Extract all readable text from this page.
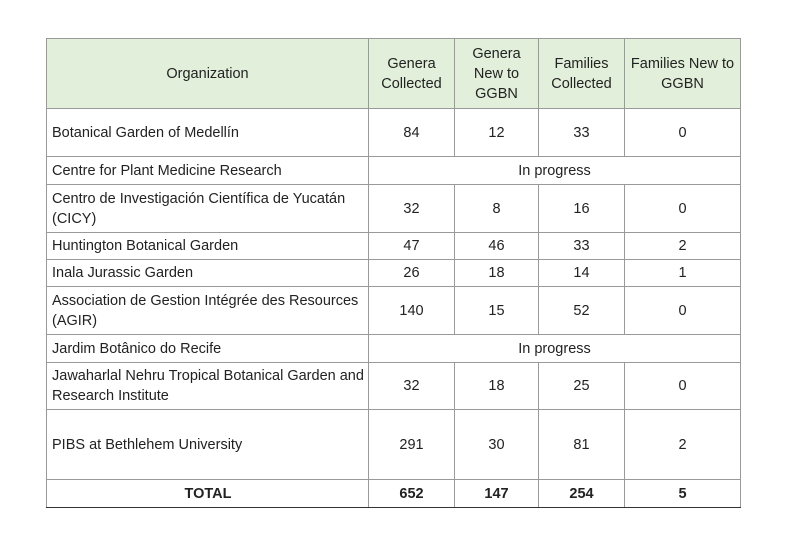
Organization	Genera Collected	Genera New to GGBN	Families Collected	Families New to GGBN
Botanical Garden of Medellín	84	12	33	0
Centre for Plant Medicine Research	In progress			
Centro de Investigación Científica de Yucatán (CICY)	32	8	16	0
Huntington Botanical Garden	47	46	33	2
Inala Jurassic Garden	26	18	14	1
Association de Gestion Intégrée des Resources (AGIR)	140	15	52	0
Jardim Botânico do Recife	In progress			
Jawaharlal Nehru Tropical Botanical Garden and Research Institute	32	18	25	0
PIBS at Bethlehem University	291	30	81	2
TOTAL	652	147	254	5
